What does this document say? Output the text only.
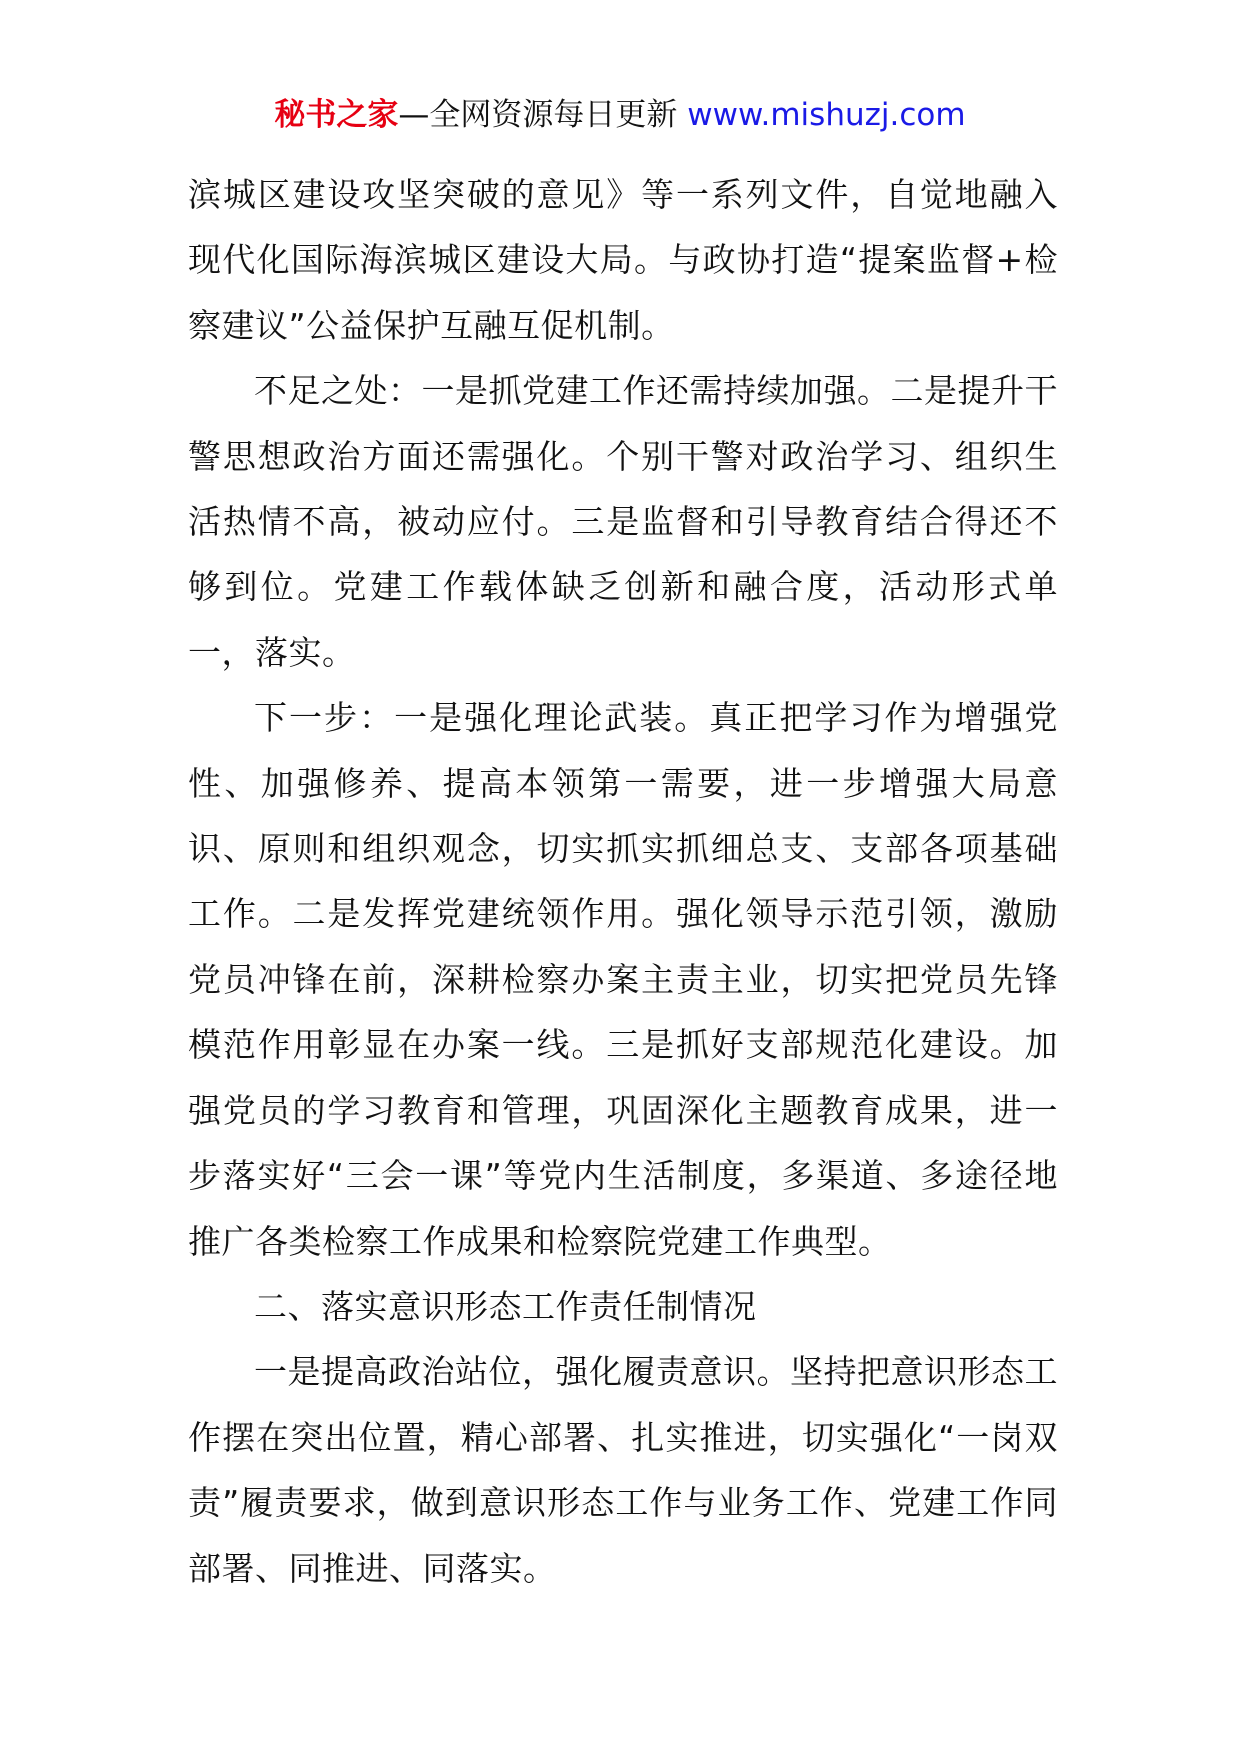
秘书之家—全网资源每日更新 www.mishuzj.com

滨城区建设攻坚突破的意见》等一系列文件，自觉地融入现代化国际海滨城区建设大局。与政协打造“提案监督+检察建议”公益保护互融互促机制。

不足之处：一是抓党建工作还需持续加强。二是提升干警思想政治方面还需强化。个别干警对政治学习、组织生活热情不高，被动应付。三是监督和引导教育结合得还不够到位。党建工作载体缺乏创新和融合度，活动形式单一，落实。

下一步：一是强化理论武装。真正把学习作为增强党性、加强修养、提高本领第一需要，进一步增强大局意识、原则和组织观念，切实抓实抓细总支、支部各项基础工作。二是发挥党建统领作用。强化领导示范引领，激励党员冲锋在前，深耕检察办案主责主业，切实把党员先锋模范作用彰显在办案一线。三是抓好支部规范化建设。加强党员的学习教育和管理，巩固深化主题教育成果，进一步落实好“三会一课”等党内生活制度，多渠道、多途径地推广各类检察工作成果和检察院党建工作典型。

二、落实意识形态工作责任制情况

一是提高政治站位，强化履责意识。坚持把意识形态工作摆在突出位置，精心部署、扎实推进，切实强化“一岗双责”履责要求，做到意识形态工作与业务工作、党建工作同部署、同推进、同落实。
